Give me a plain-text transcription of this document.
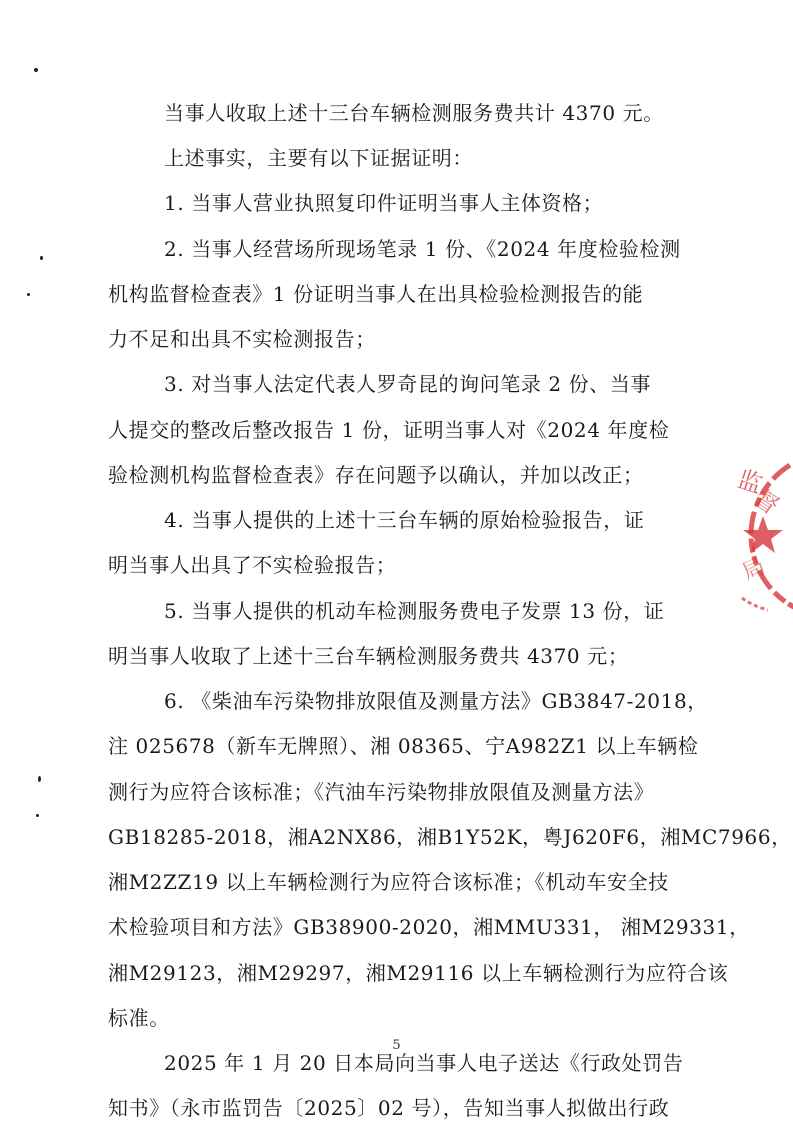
当事人收取上述十三台车辆检测服务费共计 4370 元。
上述事实，主要有以下证据证明：
1. 当事人营业执照复印件证明当事人主体资格；
2. 当事人经营场所现场笔录 1 份、《2024 年度检验检测
机构监督检查表》1 份证明当事人在出具检验检测报告的能
力不足和出具不实检测报告；
3. 对当事人法定代表人罗奇昆的询问笔录 2 份、当事
人提交的整改后整改报告 1 份，证明当事人对《2024 年度检
验检测机构监督检查表》存在问题予以确认，并加以改正；
4. 当事人提供的上述十三台车辆的原始检验报告，证
明当事人出具了不实检验报告；
5. 当事人提供的机动车检测服务费电子发票 13 份，证
明当事人收取了上述十三台车辆检测服务费共 4370 元；
6. 《柴油车污染物排放限值及测量方法》GB3847-2018，
注 025678（新车无牌照）、湘 08365、宁A982Z1 以上车辆检
测行为应符合该标准；《汽油车污染物排放限值及测量方法》
GB18285-2018，湘A2NX86，湘B1Y52K，粤J620F6，湘MC7966，
湘M2ZZ19 以上车辆检测行为应符合该标准；《机动车安全技
术检验项目和方法》GB38900-2020，湘MMU331， 湘M29331，
湘M29123，湘M29297，湘M29116 以上车辆检测行为应符合该
标准。
2025 年 1 月 20 日本局向当事人电子送达《行政处罚告
知书》（永市监罚告〔2025〕02 号），告知当事人拟做出行政
5
监
督
局
